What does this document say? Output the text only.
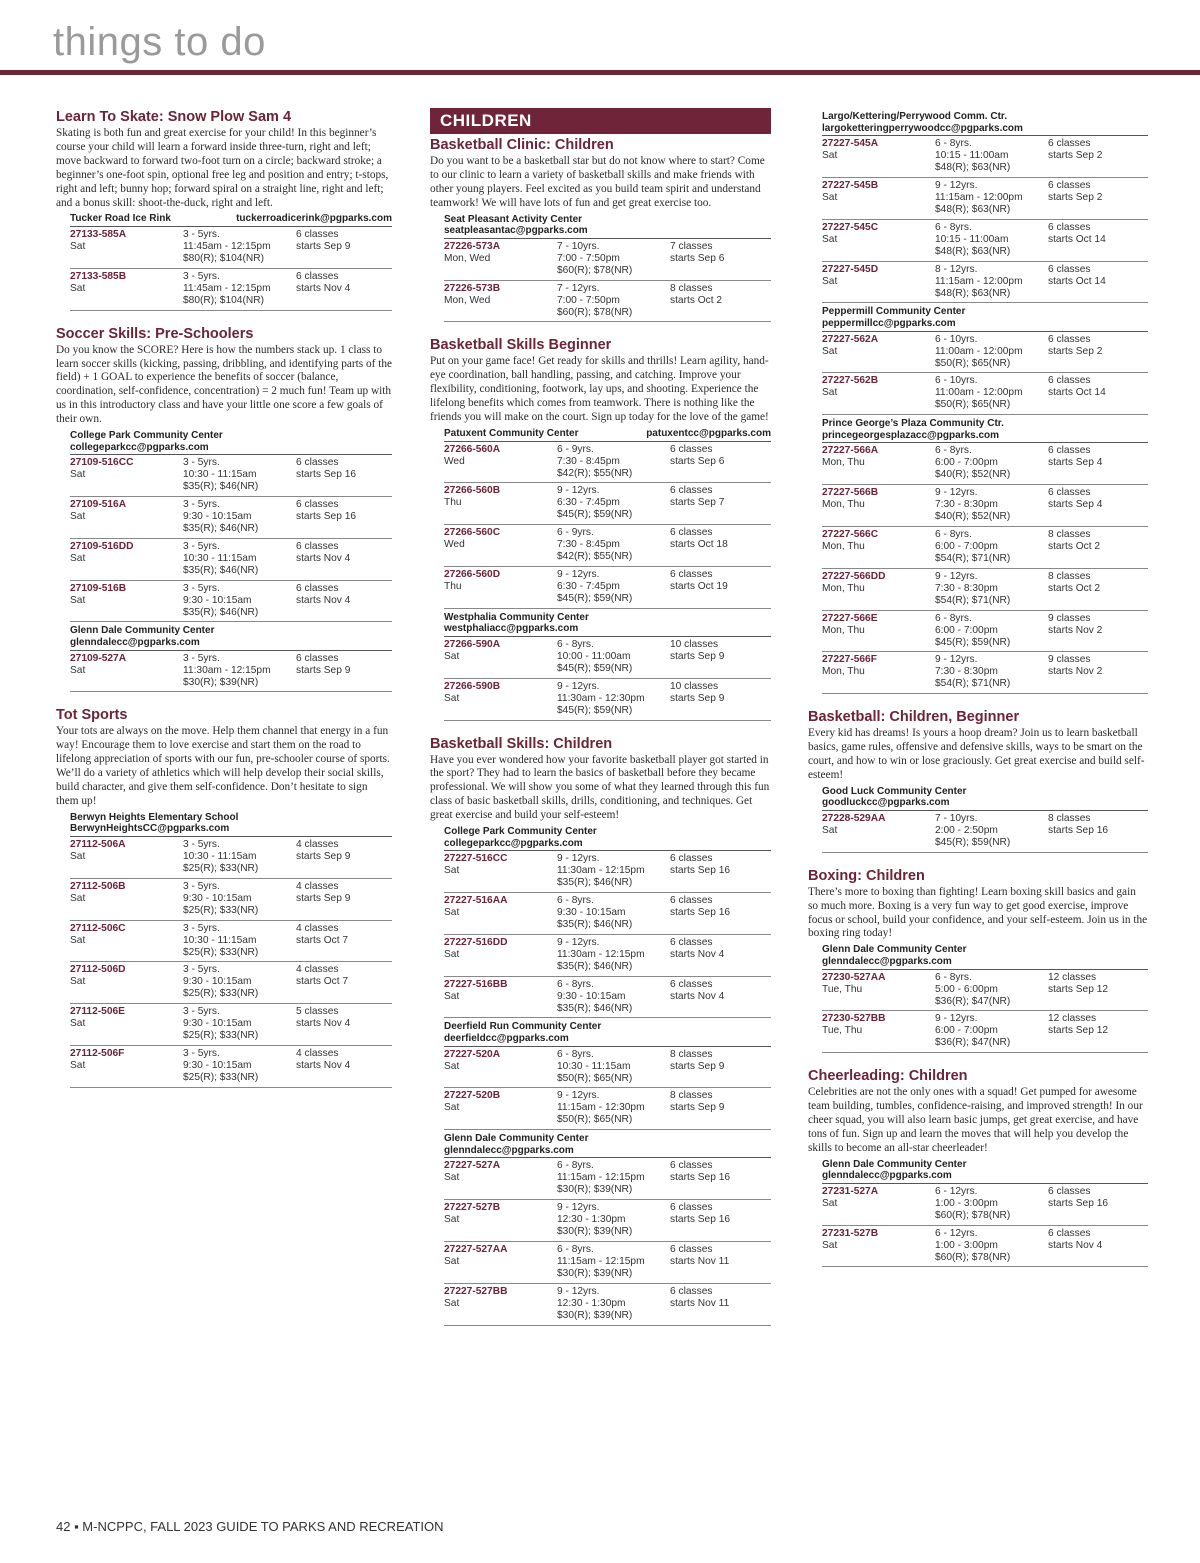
things to do
Learn To Skate: Snow Plow Sam 4

Skating is both fun and great exercise for your child! In this beginner’s course your child will learn a forward inside three-turn, right and left; move backward to forward two-foot turn on a circle; backward stroke; a beginner’s one-foot spin, optional free leg and position and entry; t-stops, right and left; bunny hop; forward spiral on a straight line, right and left; and a bonus skill: shoot-the-duck, right and left.

Tucker Road Ice Rink	tuckerroadicerink@pgparks.com
27133-585A
Sat
3 - 5yrs.
11:45am - 12:15pm
$80(R); $104(NR)
6 classes
starts Sep 9
27133-585B
Sat
3 - 5yrs.
11:45am - 12:15pm
$80(R); $104(NR)
6 classes
starts Nov 4
Soccer Skills: Pre-Schoolers

Do you know the SCORE? Here is how the numbers stack up. 1 class to learn soccer skills (kicking, passing, dribbling, and identifying parts of the field) + 1 GOAL to experience the benefits of soccer (balance, coordination, self-confidence, concentration) = 2 much fun! Team up with us in this introductory class and have your little one score a few goals of their own.

College Park Community Center
collegeparkcc@pgparks.com
27109-516CC
Sat
3 - 5yrs.
10:30 - 11:15am
$35(R); $46(NR)
6 classes
starts Sep 16
27109-516A
Sat
3 - 5yrs.
9:30 - 10:15am
$35(R); $46(NR)
6 classes
starts Sep 16
27109-516DD
Sat
3 - 5yrs.
10:30 - 11:15am
$35(R); $46(NR)
6 classes
starts Nov 4
27109-516B
Sat
3 - 5yrs.
9:30 - 10:15am
$35(R); $46(NR)
6 classes
starts Nov 4
Glenn Dale Community Center
glenndalecc@pgparks.com
27109-527A
Sat
3 - 5yrs.
11:30am - 12:15pm
$30(R); $39(NR)
6 classes
starts Sep 9
Tot Sports

Your tots are always on the move. Help them channel that energy in a fun way! Encourage them to love exercise and start them on the road to lifelong appreciation of sports with our fun, pre-schooler course of sports. We’ll do a variety of athletics which will help develop their social skills, build character, and give them self-confidence. Don’t hesitate to sign them up!

Berwyn Heights Elementary School
BerwynHeightsCC@pgparks.com
27112-506A
Sat
3 - 5yrs.
10:30 - 11:15am
$25(R); $33(NR)
4 classes
starts Sep 9
27112-506B
Sat
3 - 5yrs.
9:30 - 10:15am
$25(R); $33(NR)
4 classes
starts Sep 9
27112-506C
Sat
3 - 5yrs.
10:30 - 11:15am
$25(R); $33(NR)
4 classes
starts Oct 7
27112-506D
Sat
3 - 5yrs.
9:30 - 10:15am
$25(R); $33(NR)
4 classes
starts Oct 7
27112-506E
Sat
3 - 5yrs.
9:30 - 10:15am
$25(R); $33(NR)
5 classes
starts Nov 4
27112-506F
Sat
3 - 5yrs.
9:30 - 10:15am
$25(R); $33(NR)
4 classes
starts Nov 4
CHILDREN
Basketball Clinic: Children

Do you want to be a basketball star but do not know where to start? Come to our clinic to learn a variety of basketball skills and make friends with other young players. Feel excited as you build team spirit and understand teamwork! We will have lots of fun and get great exercise too.

Seat Pleasant Activity Center
seatpleasantac@pgparks.com
27226-573A
Mon, Wed
7 - 10yrs.
7:00 - 7:50pm
$60(R); $78(NR)
7 classes
starts Sep 6
27226-573B
Mon, Wed
7 - 12yrs.
7:00 - 7:50pm
$60(R); $78(NR)
8 classes
starts Oct 2
Basketball Skills Beginner

Put on your game face! Get ready for skills and thrills! Learn agility, hand-eye coordination, ball handling, passing, and catching. Improve your flexibility, conditioning, footwork, lay ups, and shooting. Experience the lifelong benefits which comes from teamwork. There is nothing like the friends you will make on the court. Sign up today for the love of the game!

Patuxent Community Center	patuxentcc@pgparks.com
27266-560A
Wed
6 - 9yrs.
7:30 - 8:45pm
$42(R); $55(NR)
6 classes
starts Sep 6
27266-560B
Thu
9 - 12yrs.
6:30 - 7:45pm
$45(R); $59(NR)
6 classes
starts Sep 7
27266-560C
Wed
6 - 9yrs.
7:30 - 8:45pm
$42(R); $55(NR)
6 classes
starts Oct 18
27266-560D
Thu
9 - 12yrs.
6:30 - 7:45pm
$45(R); $59(NR)
6 classes
starts Oct 19
Westphalia Community Center
westphaliacc@pgparks.com
27266-590A
Sat
6 - 8yrs.
10:00 - 11:00am
$45(R); $59(NR)
10 classes
starts Sep 9
27266-590B
Sat
9 - 12yrs.
11:30am - 12:30pm
$45(R); $59(NR)
10 classes
starts Sep 9
Basketball Skills: Children

Have you ever wondered how your favorite basketball player got started in the sport? They had to learn the basics of basketball before they became professional. We will show you some of what they learned through this fun class of basic basketball skills, drills, conditioning, and techniques. Get great exercise and build your self-esteem!

College Park Community Center
collegeparkcc@pgparks.com
27227-516CC
Sat
9 - 12yrs.
11:30am - 12:15pm
$35(R); $46(NR)
6 classes
starts Sep 16
27227-516AA
Sat
6 - 8yrs.
9:30 - 10:15am
$35(R); $46(NR)
6 classes
starts Sep 16
27227-516DD
Sat
9 - 12yrs.
11:30am - 12:15pm
$35(R); $46(NR)
6 classes
starts Nov 4
27227-516BB
Sat
6 - 8yrs.
9:30 - 10:15am
$35(R); $46(NR)
6 classes
starts Nov 4
Deerfield Run Community Center
deerfieldcc@pgparks.com
27227-520A
Sat
6 - 8yrs.
10:30 - 11:15am
$50(R); $65(NR)
8 classes
starts Sep 9
27227-520B
Sat
9 - 12yrs.
11:15am - 12:30pm
$50(R); $65(NR)
8 classes
starts Sep 9
Glenn Dale Community Center
glenndalecc@pgparks.com
27227-527A
Sat
6 - 8yrs.
11:15am - 12:15pm
$30(R); $39(NR)
6 classes
starts Sep 16
27227-527B
Sat
9 - 12yrs.
12:30 - 1:30pm
$30(R); $39(NR)
6 classes
starts Sep 16
27227-527AA
Sat
6 - 8yrs.
11:15am - 12:15pm
$30(R); $39(NR)
6 classes
starts Nov 11
27227-527BB
Sat
9 - 12yrs.
12:30 - 1:30pm
$30(R); $39(NR)
6 classes
starts Nov 11
Largo/Kettering/Perrywood Comm. Ctr.
largoketteringperrywoodcc@pgparks.com
27227-545A
Sat
6 - 8yrs.
10:15 - 11:00am
$48(R); $63(NR)
6 classes
starts Sep 2
27227-545B
Sat
9 - 12yrs.
11:15am - 12:00pm
$48(R); $63(NR)
6 classes
starts Sep 2
27227-545C
Sat
6 - 8yrs.
10:15 - 11:00am
$48(R); $63(NR)
6 classes
starts Oct 14
27227-545D
Sat
8 - 12yrs.
11:15am - 12:00pm
$48(R); $63(NR)
6 classes
starts Oct 14
Peppermill Community Center
peppermillcc@pgparks.com
27227-562A
Sat
6 - 10yrs.
11:00am - 12:00pm
$50(R); $65(NR)
6 classes
starts Sep 2
27227-562B
Sat
6 - 10yrs.
11:00am - 12:00pm
$50(R); $65(NR)
6 classes
starts Oct 14
Prince George’s Plaza Community Ctr.
princegeorgesplazacc@pgparks.com
27227-566A
Mon, Thu
6 - 8yrs.
6:00 - 7:00pm
$40(R); $52(NR)
6 classes
starts Sep 4
27227-566B
Mon, Thu
9 - 12yrs.
7:30 - 8:30pm
$40(R); $52(NR)
6 classes
starts Sep 4
27227-566C
Mon, Thu
6 - 8yrs.
6:00 - 7:00pm
$54(R); $71(NR)
8 classes
starts Oct 2
27227-566DD
Mon, Thu
9 - 12yrs.
7:30 - 8:30pm
$54(R); $71(NR)
8 classes
starts Oct 2
27227-566E
Mon, Thu
6 - 8yrs.
6:00 - 7:00pm
$45(R); $59(NR)
9 classes
starts Nov 2
27227-566F
Mon, Thu
9 - 12yrs.
7:30 - 8:30pm
$54(R); $71(NR)
9 classes
starts Nov 2
Basketball: Children, Beginner

Every kid has dreams! Is yours a hoop dream? Join us to learn basketball basics, game rules, offensive and defensive skills, ways to be smart on the court, and how to win or lose graciously. Get great exercise and build self-esteem!

Good Luck Community Center
goodluckcc@pgparks.com
27228-529AA
Sat
7 - 10yrs.
2:00 - 2:50pm
$45(R); $59(NR)
8 classes
starts Sep 16
Boxing: Children

There’s more to boxing than fighting! Learn boxing skill basics and gain so much more. Boxing is a very fun way to get good exercise, improve focus or school, build your confidence, and your self-esteem. Join us in the boxing ring today!

Glenn Dale Community Center
glenndalecc@pgparks.com
27230-527AA
Tue, Thu
6 - 8yrs.
5:00 - 6:00pm
$36(R); $47(NR)
12 classes
starts Sep 12
27230-527BB
Tue, Thu
9 - 12yrs.
6:00 - 7:00pm
$36(R); $47(NR)
12 classes
starts Sep 12
Cheerleading: Children

Celebrities are not the only ones with a squad! Get pumped for awesome team building, tumbles, confidence-raising, and improved strength! In our cheer squad, you will also learn basic jumps, get great exercise, and have tons of fun. Sign up and learn the moves that will help you develop the skills to become an all-star cheerleader!

Glenn Dale Community Center
glenndalecc@pgparks.com
27231-527A
Sat
6 - 12yrs.
1:00 - 3:00pm
$60(R); $78(NR)
6 classes
starts Sep 16
27231-527B
Sat
6 - 12yrs.
1:00 - 3:00pm
$60(R); $78(NR)
6 classes
starts Nov 4
42 ▪ M-NCPPC, FALL 2023 GUIDE TO PARKS AND RECREATION
